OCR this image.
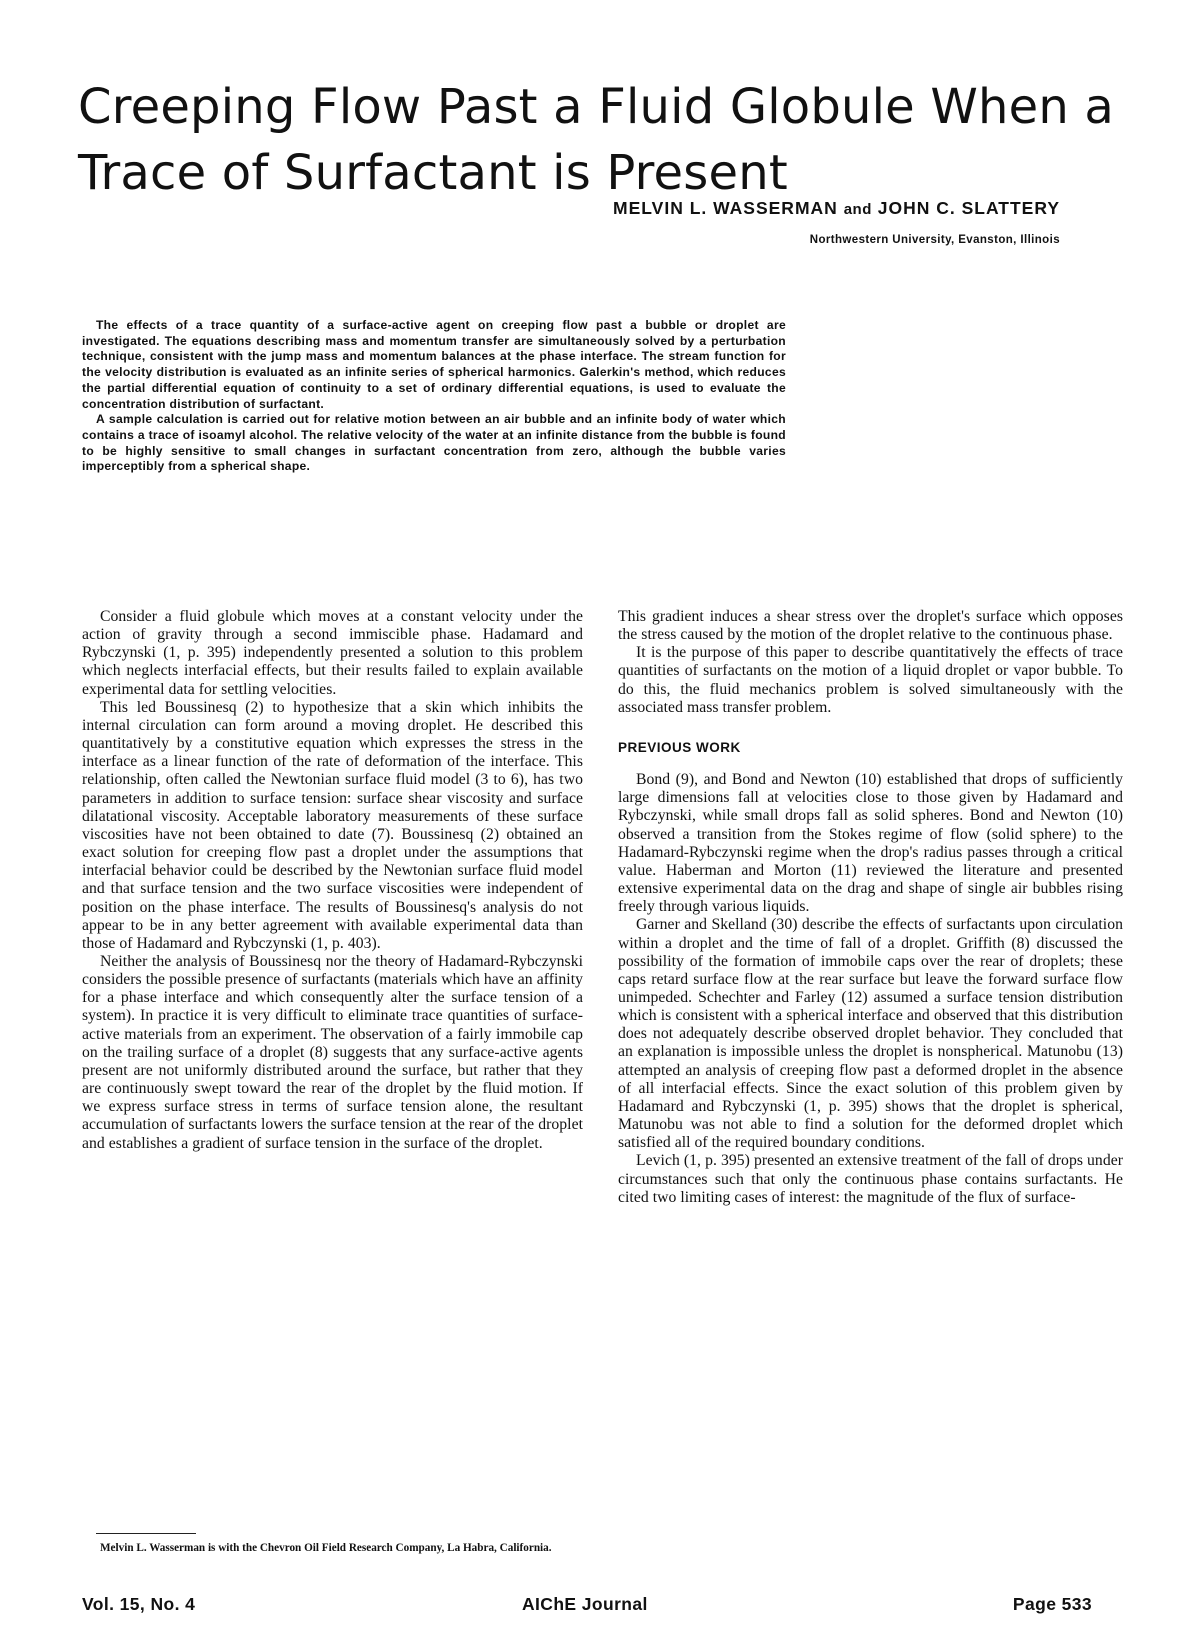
Creeping Flow Past a Fluid Globule When a
Trace of Surfactant is Present
MELVIN L. WASSERMAN and JOHN C. SLATTERY
Northwestern University, Evanston, Illinois

The effects of a trace quantity of a surface-active agent on creeping flow past a bubble or droplet are investigated. The equations describing mass and momentum transfer are simultaneously solved by a perturbation technique, consistent with the jump mass and momentum balances at the phase interface. The stream function for the velocity distribution is evaluated as an infinite series of spherical harmonics. Galerkin's method, which reduces the partial differential equation of continuity to a set of ordinary differential equations, is used to evaluate the concentration distribution of surfactant.

A sample calculation is carried out for relative motion between an air bubble and an infinite body of water which contains a trace of isoamyl alcohol. The relative velocity of the water at an infinite distance from the bubble is found to be highly sensitive to small changes in surfactant concentration from zero, although the bubble varies imperceptibly from a spherical shape.

Consider a fluid globule which moves at a constant velocity under the action of gravity through a second immiscible phase. Hadamard and Rybczynski (1, p. 395) independently presented a solution to this problem which neglects interfacial effects, but their results failed to explain available experimental data for settling velocities.

This led Boussinesq (2) to hypothesize that a skin which inhibits the internal circulation can form around a moving droplet. He described this quantitatively by a constitutive equation which expresses the stress in the interface as a linear function of the rate of deformation of the interface. This relationship, often called the Newtonian surface fluid model (3 to 6), has two parameters in addition to surface tension: surface shear viscosity and surface dilatational viscosity. Acceptable laboratory measurements of these surface viscosities have not been obtained to date (7). Boussinesq (2) obtained an exact solution for creeping flow past a droplet under the assumptions that interfacial behavior could be described by the Newtonian surface fluid model and that surface tension and the two surface viscosities were independent of position on the phase interface. The results of Boussinesq's analysis do not appear to be in any better agreement with available experimental data than those of Hadamard and Rybczynski (1, p. 403).

Neither the analysis of Boussinesq nor the theory of Hadamard-Rybczynski considers the possible presence of surfactants (materials which have an affinity for a phase interface and which consequently alter the surface tension of a system). In practice it is very difficult to eliminate trace quantities of surface-active materials from an experiment. The observation of a fairly immobile cap on the trailing surface of a droplet (8) suggests that any surface-active agents present are not uniformly distributed around the surface, but rather that they are continuously swept toward the rear of the droplet by the fluid motion. If we express surface stress in terms of surface tension alone, the resultant accumulation of surfactants lowers the surface tension at the rear of the droplet and establishes a gradient of surface tension in the surface of the droplet.

This gradient induces a shear stress over the droplet's surface which opposes the stress caused by the motion of the droplet relative to the continuous phase.

It is the purpose of this paper to describe quantitatively the effects of trace quantities of surfactants on the motion of a liquid droplet or vapor bubble. To do this, the fluid mechanics problem is solved simultaneously with the associated mass transfer problem.

PREVIOUS WORK

Bond (9), and Bond and Newton (10) established that drops of sufficiently large dimensions fall at velocities close to those given by Hadamard and Rybczynski, while small drops fall as solid spheres. Bond and Newton (10) observed a transition from the Stokes regime of flow (solid sphere) to the Hadamard-Rybczynski regime when the drop's radius passes through a critical value. Haberman and Morton (11) reviewed the literature and presented extensive experimental data on the drag and shape of single air bubbles rising freely through various liquids.

Garner and Skelland (30) describe the effects of surfactants upon circulation within a droplet and the time of fall of a droplet. Griffith (8) discussed the possibility of the formation of immobile caps over the rear of droplets; these caps retard surface flow at the rear surface but leave the forward surface flow unimpeded. Schechter and Farley (12) assumed a surface tension distribution which is consistent with a spherical interface and observed that this distribution does not adequately describe observed droplet behavior. They concluded that an explanation is impossible unless the droplet is nonspherical. Matunobu (13) attempted an analysis of creeping flow past a deformed droplet in the absence of all interfacial effects. Since the exact solution of this problem given by Hadamard and Rybczynski (1, p. 395) shows that the droplet is spherical, Matunobu was not able to find a solution for the deformed droplet which satisfied all of the required boundary conditions.

Levich (1, p. 395) presented an extensive treatment of the fall of drops under circumstances such that only the continuous phase contains surfactants. He cited two limiting cases of interest: the magnitude of the flux of surface-

Melvin L. Wasserman is with the Chevron Oil Field Research Company, La Habra, California.
Vol. 15, No. 4	AIChE Journal	Page 533
